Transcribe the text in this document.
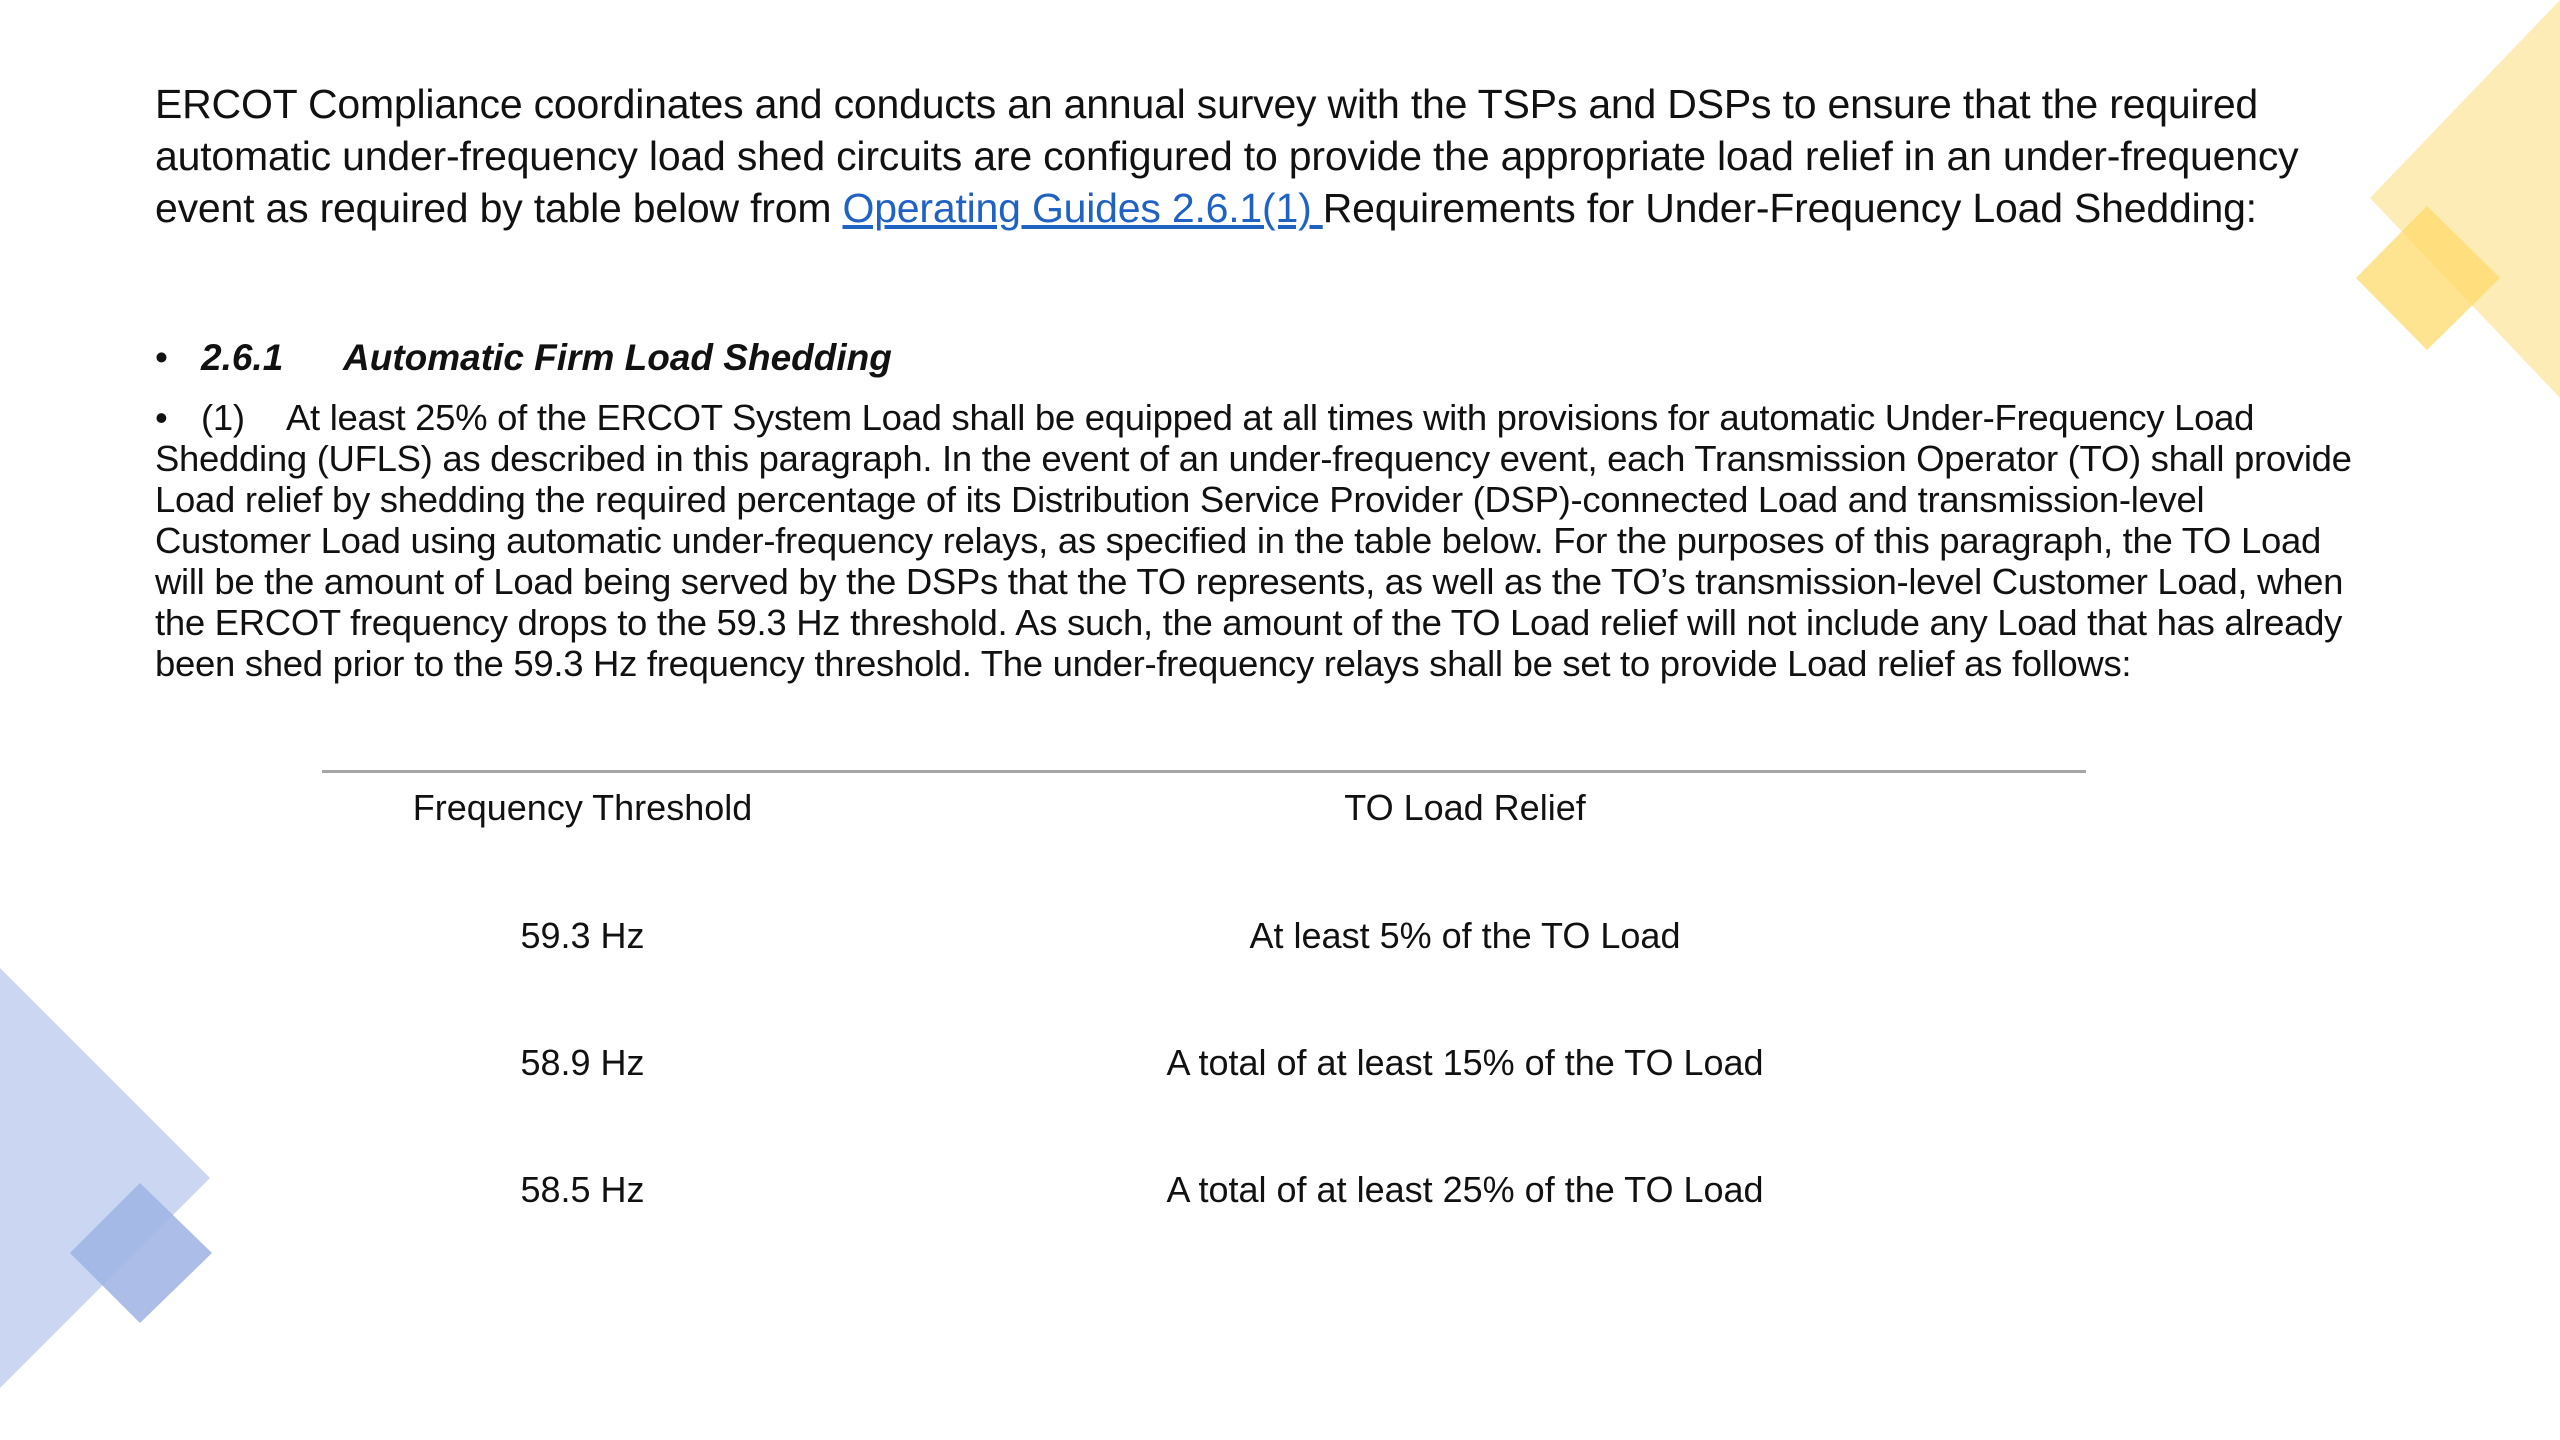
ERCOT Compliance coordinates and conducts an annual survey with the TSPs and DSPs to ensure that the required automatic under-frequency load shed circuits are configured to provide the appropriate load relief in an under-frequency event as required by table below from Operating Guides 2.6.1(1) Requirements for Under-Frequency Load Shedding:
• 2.6.1 Automatic Firm Load Shedding
• (1) At least 25% of the ERCOT System Load shall be equipped at all times with provisions for automatic Under-Frequency Load Shedding (UFLS) as described in this paragraph. In the event of an under-frequency event, each Transmission Operator (TO) shall provide Load relief by shedding the required percentage of its Distribution Service Provider (DSP)-connected Load and transmission-level Customer Load using automatic under-frequency relays, as specified in the table below. For the purposes of this paragraph, the TO Load will be the amount of Load being served by the DSPs that the TO represents, as well as the TO’s transmission-level Customer Load, when the ERCOT frequency drops to the 59.3 Hz threshold. As such, the amount of the TO Load relief will not include any Load that has already been shed prior to the 59.3 Hz frequency threshold. The under-frequency relays shall be set to provide Load relief as follows:
Frequency Threshold	TO Load Relief
59.3 Hz	At least 5% of the TO Load
58.9 Hz	A total of at least 15% of the TO Load
58.5 Hz	A total of at least 25% of the TO Load
